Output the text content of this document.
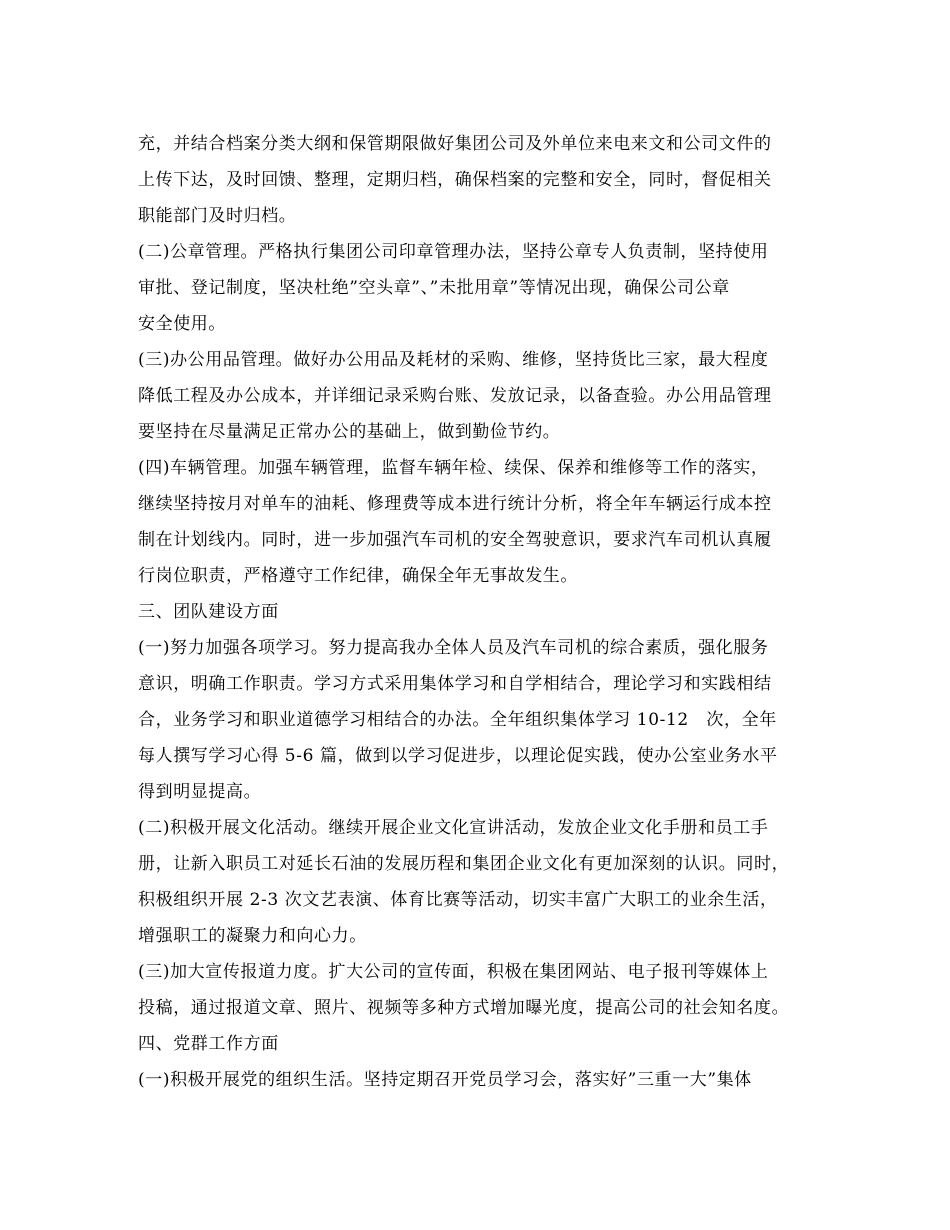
充，并结合档案分类大纲和保管期限做好集团公司及外单位来电来文和公司文件的
上传下达，及时回馈、整理，定期归档，确保档案的完整和安全，同时，督促相关
职能部门及时归档。
(二)公章管理。严格执行集团公司印章管理办法，坚持公章专人负责制，坚持使用
审批、登记制度，坚决杜绝”空头章”、”未批用章”等情况出现，确保公司公章
安全使用。
(三)办公用品管理。做好办公用品及耗材的采购、维修，坚持货比三家，最大程度
降低工程及办公成本，并详细记录采购台账、发放记录，以备查验。办公用品管理
要坚持在尽量满足正常办公的基础上，做到勤俭节约。
(四)车辆管理。加强车辆管理，监督车辆年检、续保、保养和维修等工作的落实，
继续坚持按月对单车的油耗、修理费等成本进行统计分析，将全年车辆运行成本控
制在计划线内。同时，进一步加强汽车司机的安全驾驶意识，要求汽车司机认真履
行岗位职责，严格遵守工作纪律，确保全年无事故发生。
三、团队建设方面
(一)努力加强各项学习。努力提高我办全体人员及汽车司机的综合素质，强化服务
意识，明确工作职责。学习方式采用集体学习和自学相结合，理论学习和实践相结
合，业务学习和职业道德学习相结合的办法。全年组织集体学习 10-12　次，全年
每人撰写学习心得 5-6 篇，做到以学习促进步，以理论促实践，使办公室业务水平
得到明显提高。
(二)积极开展文化活动。继续开展企业文化宣讲活动，发放企业文化手册和员工手
册，让新入职员工对延长石油的发展历程和集团企业文化有更加深刻的认识。同时，
积极组织开展 2-3 次文艺表演、体育比赛等活动，切实丰富广大职工的业余生活，
增强职工的凝聚力和向心力。
(三)加大宣传报道力度。扩大公司的宣传面，积极在集团网站、电子报刊等媒体上
投稿，通过报道文章、照片、视频等多种方式增加曝光度，提高公司的社会知名度。
四、党群工作方面
(一)积极开展党的组织生活。坚持定期召开党员学习会，落实好”三重一大”集体
